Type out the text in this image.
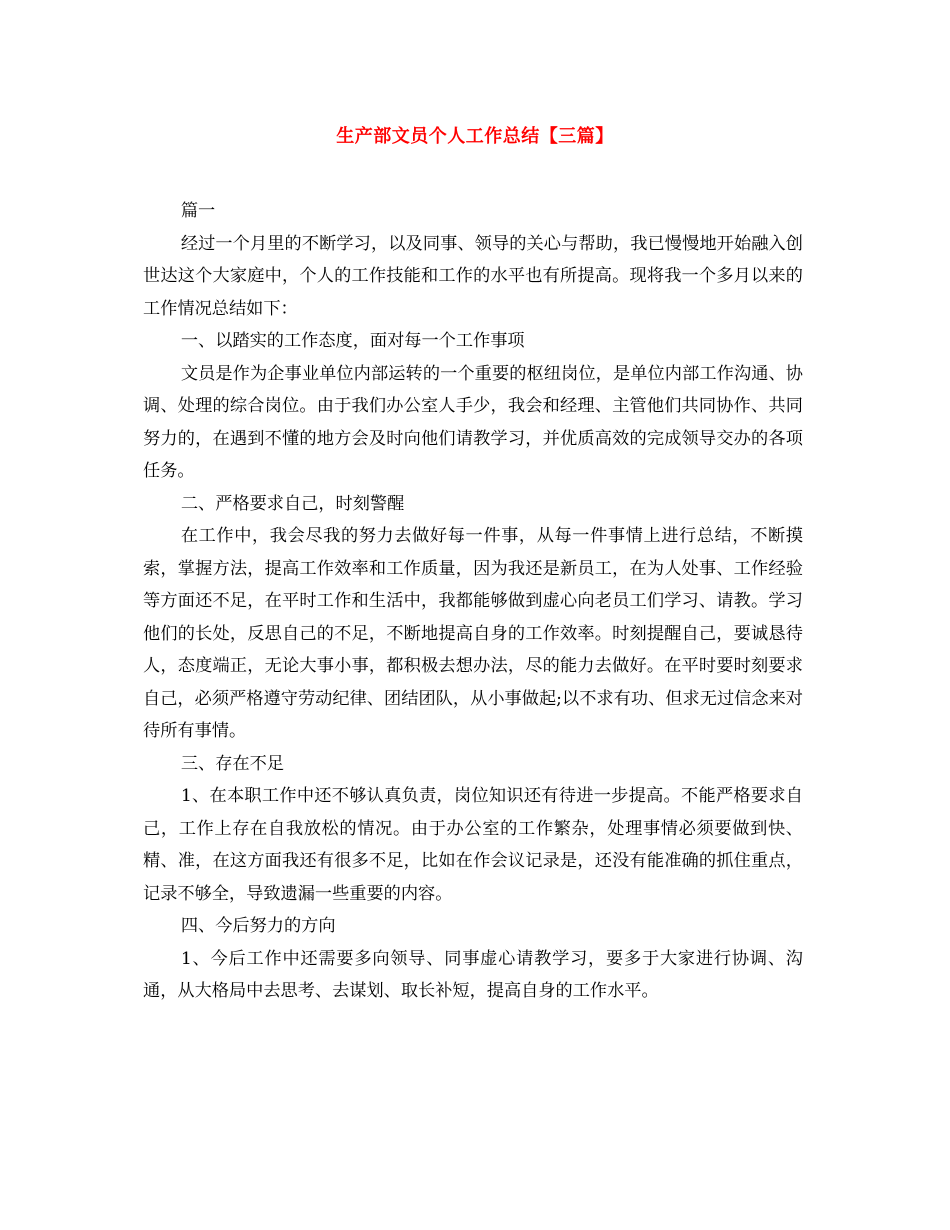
生产部文员个人工作总结【三篇】

篇一

经过一个月里的不断学习，以及同事、领导的关心与帮助，我已慢慢地开始融入创世达这个大家庭中，个人的工作技能和工作的水平也有所提高。现将我一个多月以来的工作情况总结如下：

一、以踏实的工作态度，面对每一个工作事项

文员是作为企事业单位内部运转的一个重要的枢纽岗位，是单位内部工作沟通、协调、处理的综合岗位。由于我们办公室人手少，我会和经理、主管他们共同协作、共同努力的，在遇到不懂的地方会及时向他们请教学习，并优质高效的完成领导交办的各项任务。

二、严格要求自己，时刻警醒

在工作中，我会尽我的努力去做好每一件事，从每一件事情上进行总结，不断摸索，掌握方法，提高工作效率和工作质量，因为我还是新员工，在为人处事、工作经验等方面还不足，在平时工作和生活中，我都能够做到虚心向老员工们学习、请教。学习他们的长处，反思自己的不足，不断地提高自身的工作效率。时刻提醒自己，要诚恳待人，态度端正，无论大事小事，都积极去想办法，尽的能力去做好。在平时要时刻要求自己，必须严格遵守劳动纪律、团结团队，从小事做起;以不求有功、但求无过信念来对待所有事情。

三、存在不足

1、在本职工作中还不够认真负责，岗位知识还有待进一步提高。不能严格要求自己，工作上存在自我放松的情况。由于办公室的工作繁杂，处理事情必须要做到快、精、准，在这方面我还有很多不足，比如在作会议记录是，还没有能准确的抓住重点，记录不够全，导致遗漏一些重要的内容。

四、今后努力的方向

1、今后工作中还需要多向领导、同事虚心请教学习，要多于大家进行协调、沟通，从大格局中去思考、去谋划、取长补短，提高自身的工作水平。
